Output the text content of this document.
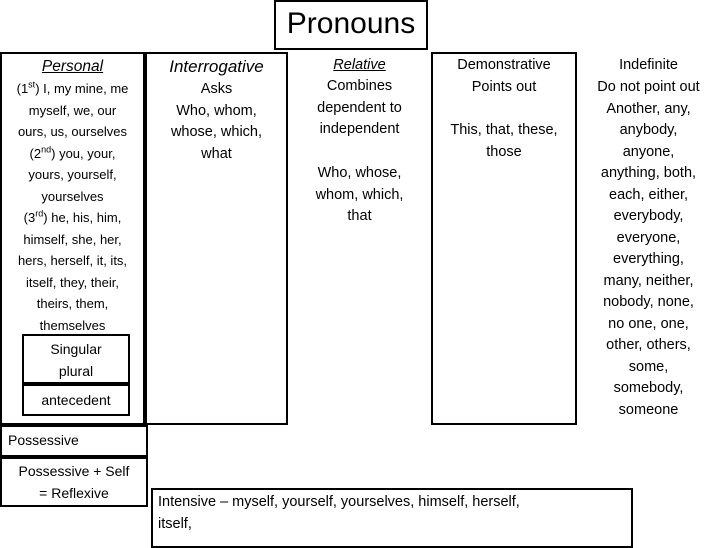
Pronouns
Personal
(1st) I, my mine, me
myself, we, our
ours, us, ourselves
(2nd) you, your,
yours, yourself,
yourselves
(3rd) he, his, him,
himself, she, her,
hers, herself, it, its,
itself, they, their,
theirs, them,
themselves
Singular
plural
antecedent
Interrogative
Asks
Who, whom,
whose, which,
what
Relative
Combines
dependent to
independent
Who, whose,
whom, which,
that
Demonstrative
Points out
This, that, these,
those
Indefinite
Do not point out
Another, any,
anybody,
anyone,
anything, both,
each, either,
everybody,
everyone,
everything,
many, neither,
nobody, none,
no one, one,
other, others,
some,
somebody,
someone
Possessive
Possessive + Self
= Reflexive
Intensive – myself, yourself, yourselves, himself, herself,
itself,
